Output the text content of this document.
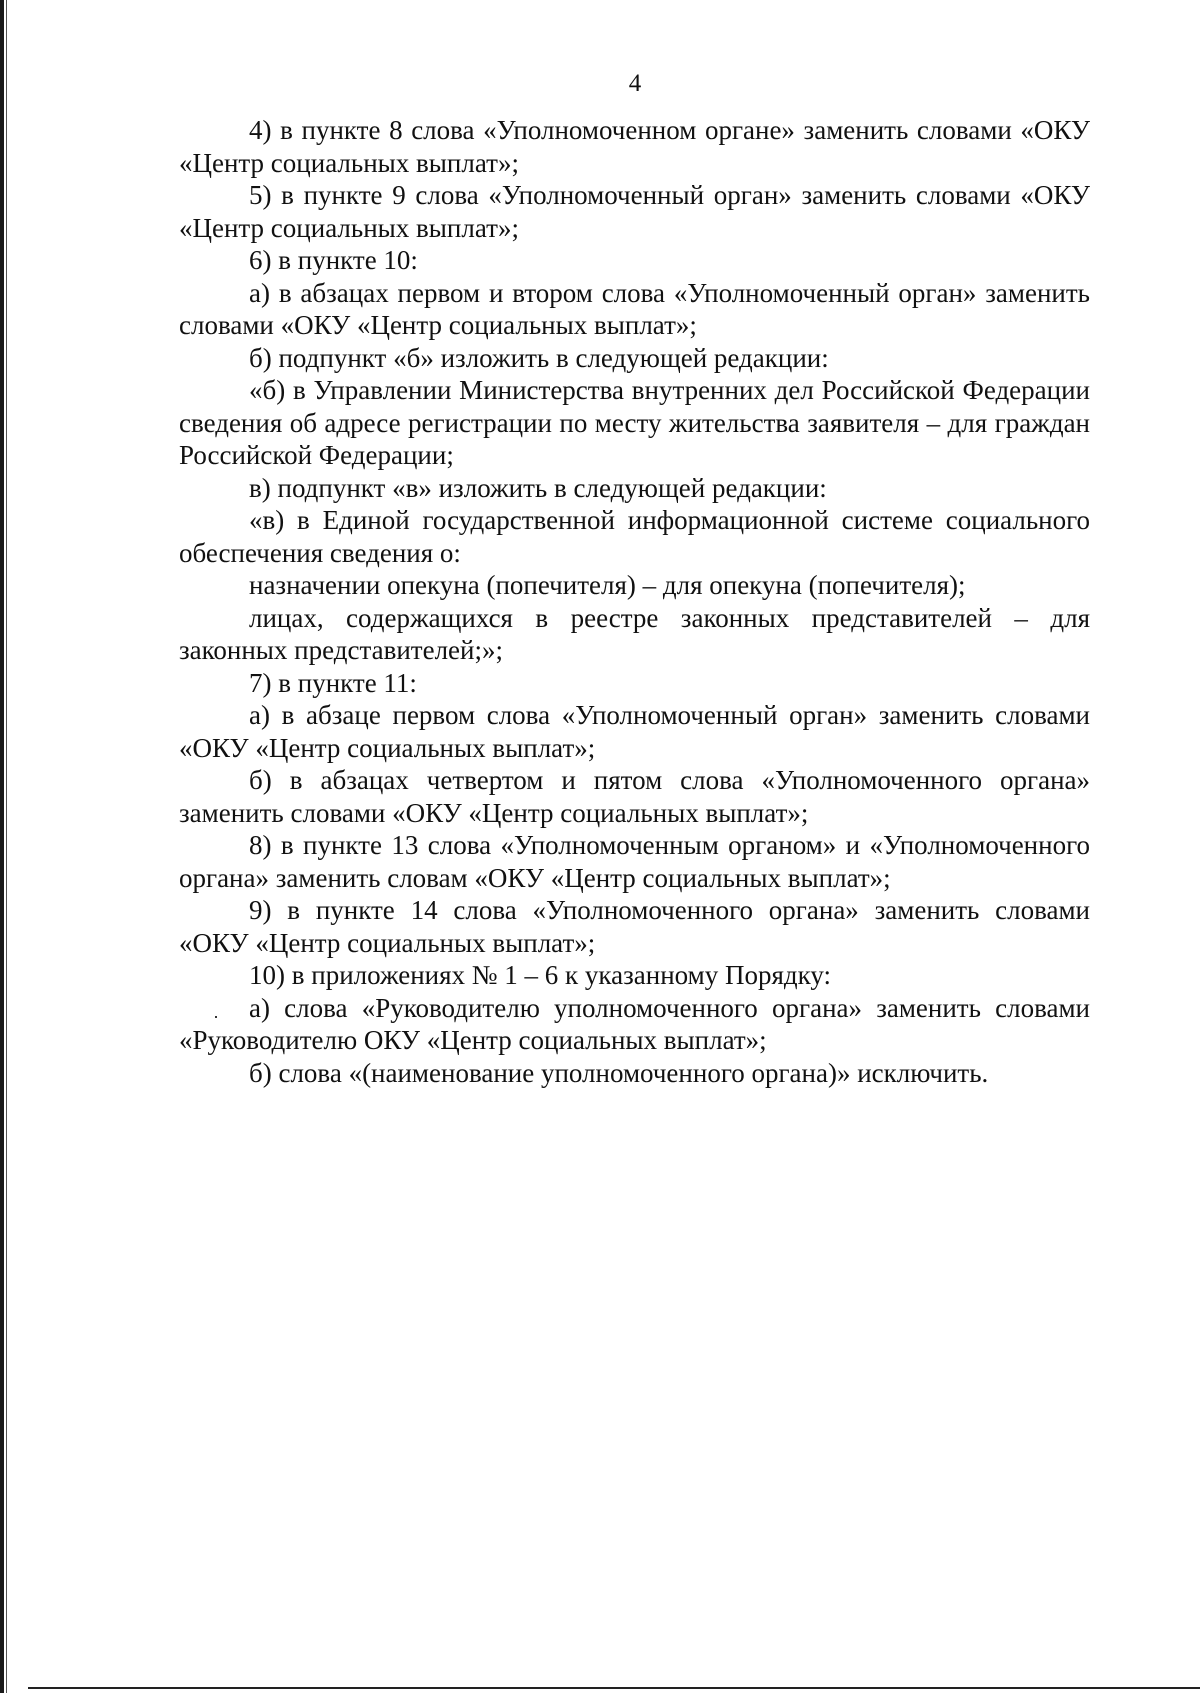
4

4) в пункте 8 слова «Уполномоченном органе» заменить словами «ОКУ «Центр социальных выплат»;

5) в пункте 9 слова «Уполномоченный орган» заменить словами «ОКУ «Центр социальных выплат»;

6) в пункте 10:

а) в абзацах первом и втором слова «Уполномоченный орган» заменить словами «ОКУ «Центр социальных выплат»;

б) подпункт «б» изложить в следующей редакции:

«б) в Управлении Министерства внутренних дел Российской Федерации сведения об адресе регистрации по месту жительства заявителя – для граждан Российской Федерации;

в) подпункт «в» изложить в следующей редакции:

«в) в Единой государственной информационной системе социального обеспечения сведения о:

назначении опекуна (попечителя) – для опекуна (попечителя);

лицах, содержащихся в реестре законных представителей – для законных представителей;»;

7) в пункте 11:

а) в абзаце первом слова «Уполномоченный орган» заменить словами «ОКУ «Центр социальных выплат»;

б) в абзацах четвертом и пятом слова «Уполномоченного органа» заменить словами «ОКУ «Центр социальных выплат»;

8) в пункте 13 слова «Уполномоченным органом» и «Уполномоченного органа» заменить словам «ОКУ «Центр социальных выплат»;

9) в пункте 14 слова «Уполномоченного органа» заменить словами «ОКУ «Центр социальных выплат»;

10) в приложениях № 1 – 6 к указанному Порядку:

а) слова «Руководителю уполномоченного органа» заменить словами «Руководителю ОКУ «Центр социальных выплат»;

б) слова «(наименование уполномоченного органа)» исключить.
